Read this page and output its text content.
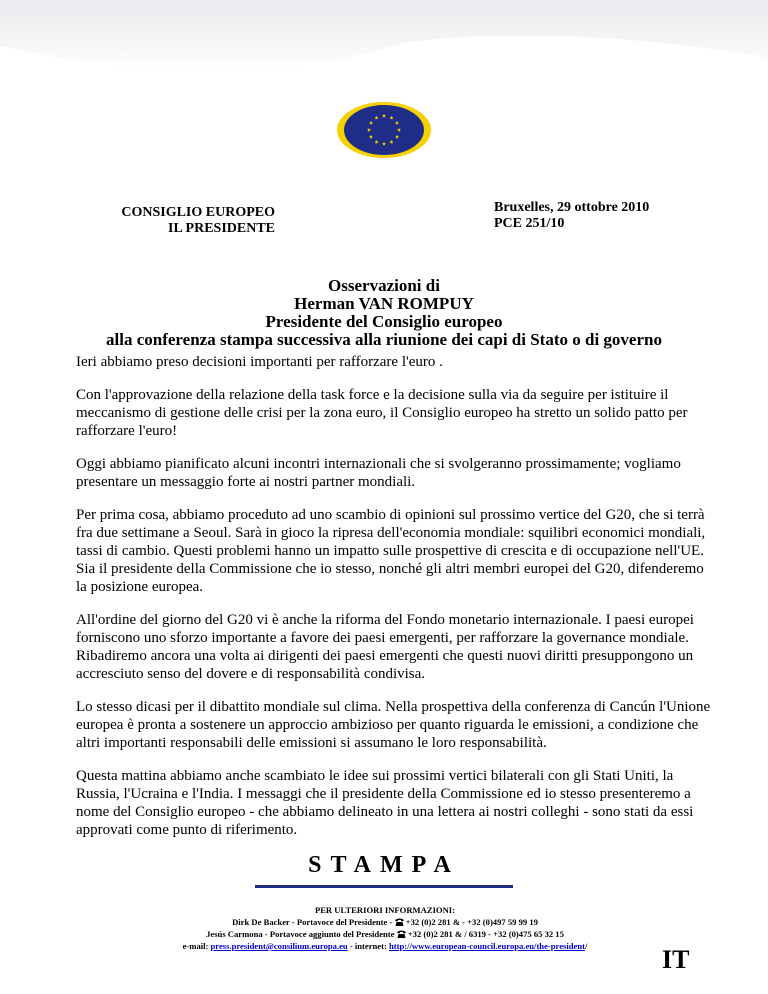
CONSIGLIO EUROPEO
IL PRESIDENTE
Bruxelles, 29 ottobre 2010
PCE 251/10
Osservazioni di
Herman VAN ROMPUY
Presidente del Consiglio europeo
alla conferenza stampa successiva alla riunione dei capi di Stato o di governo

Ieri abbiamo preso decisioni importanti per rafforzare l'euro .

Con l'approvazione della relazione della task force e la decisione sulla via da seguire per istituire il meccanismo di gestione delle crisi per la zona euro, il Consiglio europeo ha stretto un solido patto per rafforzare l'euro!

Oggi abbiamo pianificato alcuni incontri internazionali che si svolgeranno prossimamente; vogliamo presentare un messaggio forte ai nostri partner mondiali.

Per prima cosa, abbiamo proceduto ad uno scambio di opinioni sul prossimo vertice del G20, che si terrà fra due settimane a Seoul. Sarà in gioco la ripresa dell'economia mondiale: squilibri economici mondiali, tassi di cambio. Questi problemi hanno un impatto sulle prospettive di crescita e di occupazione nell'UE. Sia il presidente della Commissione che io stesso, nonché gli altri membri europei del G20, difenderemo la posizione europea.

All'ordine del giorno del G20 vi è anche la riforma del Fondo monetario internazionale. I paesi europei forniscono uno sforzo importante a favore dei paesi emergenti, per rafforzare la governance mondiale. Ribadiremo ancora una volta ai dirigenti dei paesi emergenti che questi nuovi diritti presuppongono un accresciuto senso del dovere e di responsabilità condivisa.

Lo stesso dicasi per il dibattito mondiale sul clima. Nella prospettiva della conferenza di Cancún l'Unione europea è pronta a sostenere un approccio ambizioso per quanto riguarda le emissioni, a condizione che altri importanti responsabili delle emissioni si assumano le loro responsabilità.

Questa mattina abbiamo anche scambiato le idee sui prossimi vertici bilaterali con gli Stati Uniti, la Russia, l'Ucraina e l'India. I messaggi che il presidente della Commissione ed io stesso presenteremo a nome del Consiglio europeo - che abbiamo delineato in una lettera ai nostri colleghi - sono stati da essi approvati come punto di riferimento.

STAMPA
PER ULTERIORI INFORMAZIONI:
Dirk De Backer - Portavoce del Presidente -  +32 (0)2 281 & - +32 (0)497 59 99 19
Jesús Carmona - Portavoce aggiunto del Presidente  +32 (0)2 281 & / 6319 - +32 (0)475 65 32 15
e-mail: press.president@consilium.europa.eu - internet: http://www.european-council.europa.eu/the-president/	IT
